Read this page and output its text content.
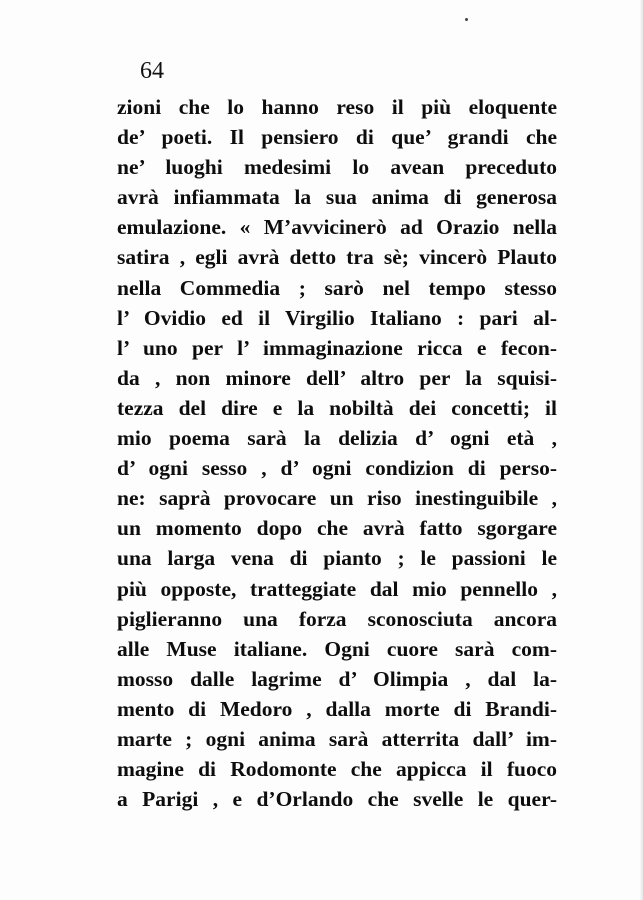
64
zioni che lo hanno reso il più eloquente
de’ poeti. Il pensiero di que’ grandi che
ne’ luoghi medesimi lo avean preceduto
avrà infiammata la sua anima di generosa
emulazione. « M’avvicinerò ad Orazio nella
satira , egli avrà detto tra sè; vincerò Plauto
nella Commedia ; sarò nel tempo stesso
l’ Ovidio ed il Virgilio Italiano : pari al-
l’ uno per l’ immaginazione ricca e fecon-
da , non minore dell’ altro per la squisi-
tezza del dire e la nobiltà dei concetti; il
mio poema sarà la delizia d’ ogni età ,
d’ ogni sesso , d’ ogni condizion di perso-
ne: saprà provocare un riso inestinguibile ,
un momento dopo che avrà fatto sgorgare
una larga vena di pianto ; le passioni le
più opposte, tratteggiate dal mio pennello ,
piglieranno una forza sconosciuta ancora
alle Muse italiane. Ogni cuore sarà com-
mosso dalle lagrime d’ Olimpia , dal la-
mento di Medoro , dalla morte di Brandi-
marte ; ogni anima sarà atterrita dall’ im-
magine di Rodomonte che appicca il fuoco
a Parigi , e d’Orlando che svelle le quer-
